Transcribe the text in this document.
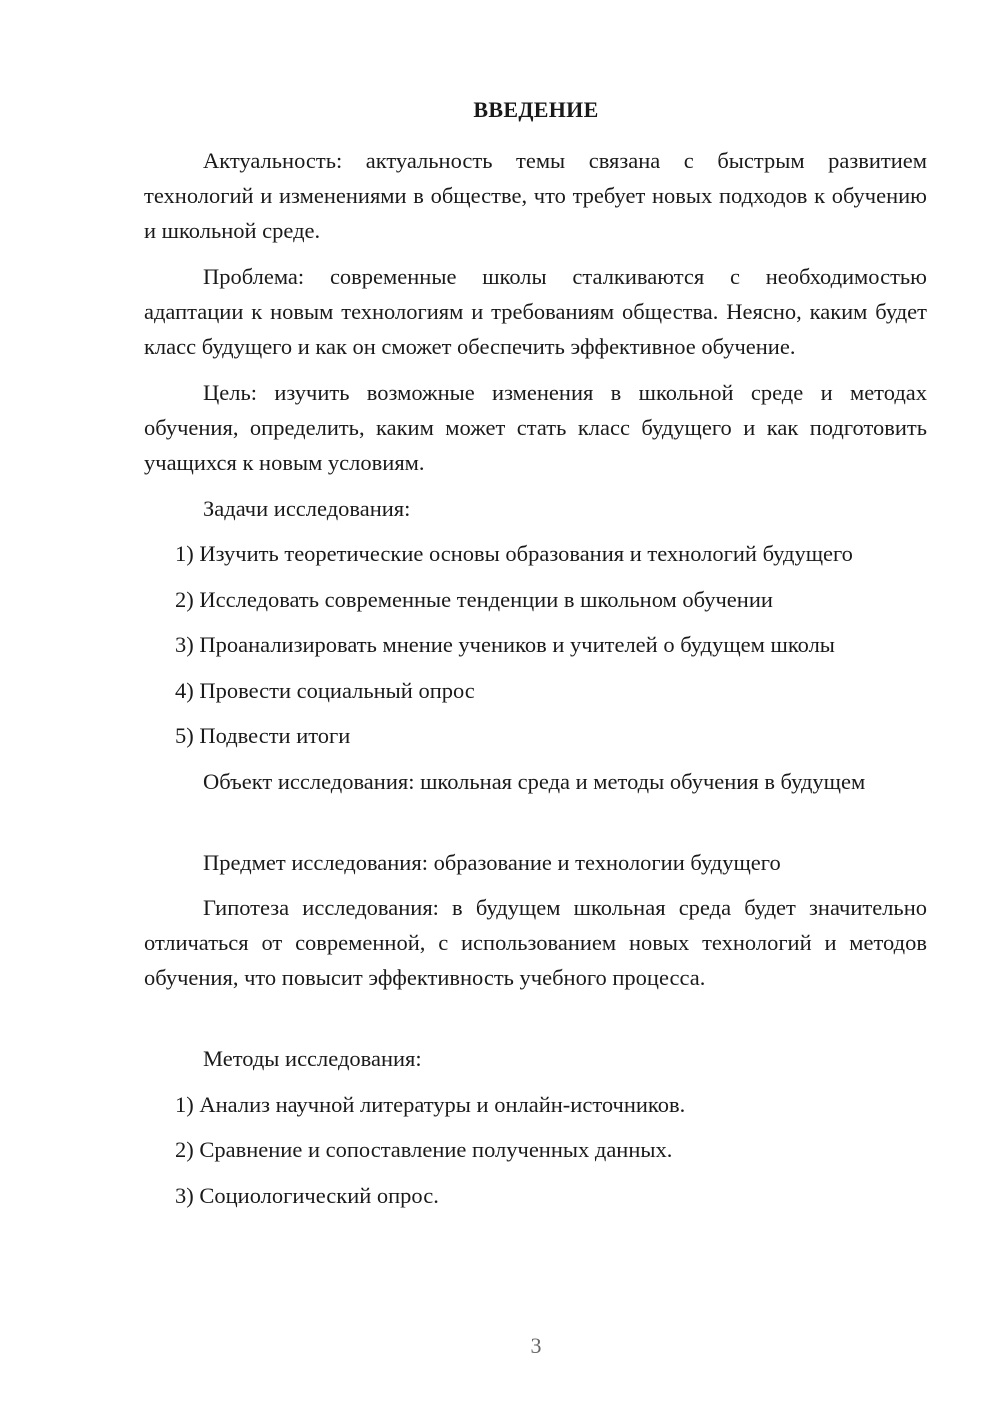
ВВЕДЕНИЕ

Актуальность: актуальность темы связана с быстрым развитием технологий и изменениями в обществе, что требует новых подходов к обучению и школьной среде.

Проблема: современные школы сталкиваются с необходимостью адаптации к новым технологиям и требованиям общества. Неясно, каким будет класс будущего и как он сможет обеспечить эффективное обучение.

Цель: изучить возможные изменения в школьной среде и методах обучения, определить, каким может стать класс будущего и как подготовить учащихся к новым условиям.

Задачи исследования:

1) Изучить теоретические основы образования и технологий будущего

2) Исследовать современные тенденции в школьном обучении

3) Проанализировать мнение учеников и учителей о будущем школы

4) Провести социальный опрос

5) Подвести итоги

Объект исследования: школьная среда и методы обучения в будущем

Предмет исследования: образование и технологии будущего

Гипотеза исследования: в будущем школьная среда будет значительно отличаться от современной, с использованием новых технологий и методов обучения, что повысит эффективность учебного процесса.

Методы исследования:

1) Анализ научной литературы и онлайн-источников.

2) Сравнение и сопоставление полученных данных.

3) Социологический опрос.

3
